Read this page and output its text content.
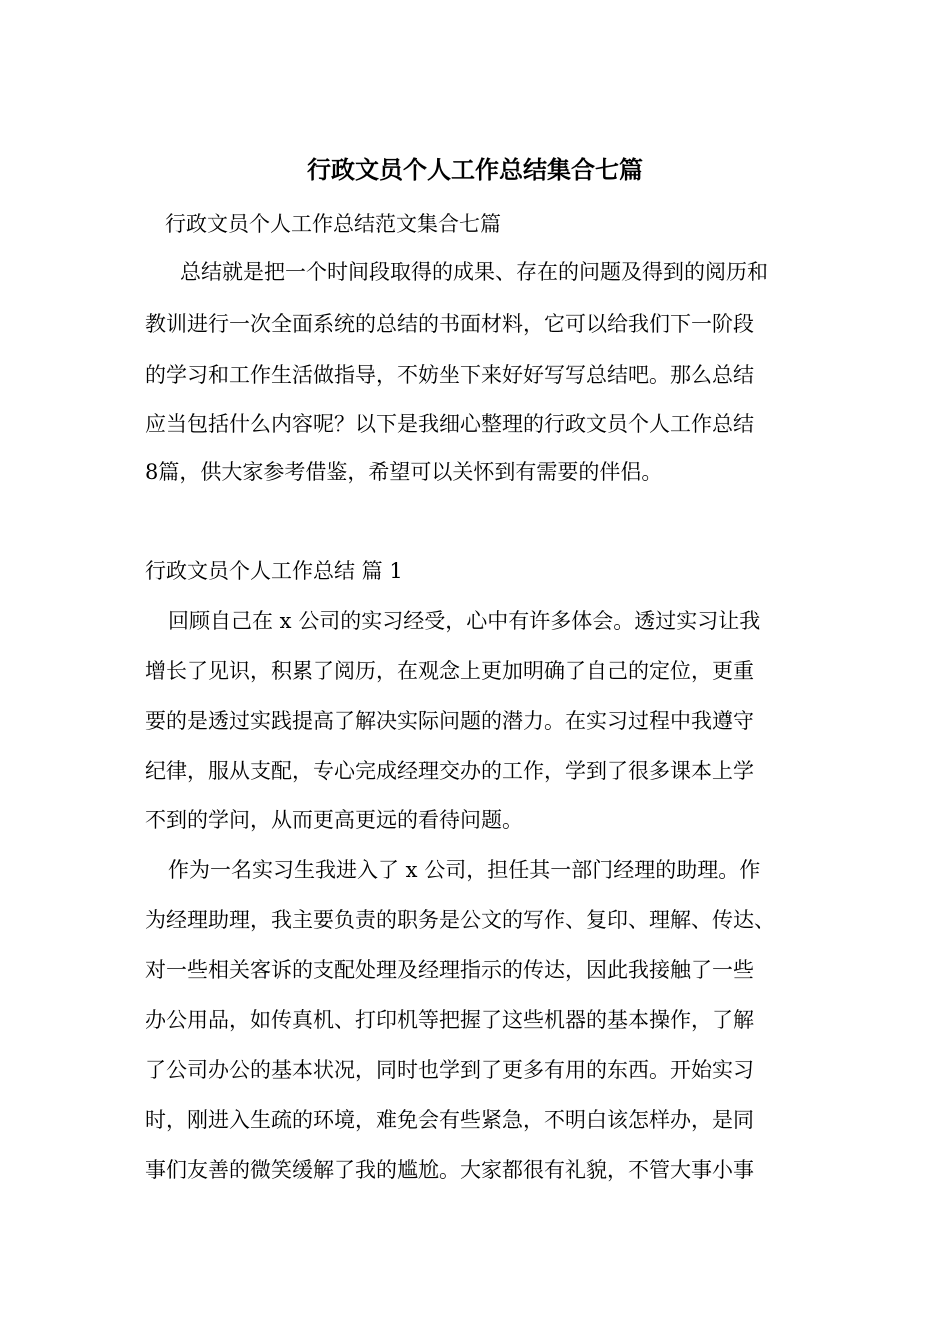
行政文员个人工作总结集合七篇
行政文员个人工作总结范文集合七篇
总结就是把一个时间段取得的成果、存在的问题及得到的阅历和
教训进行一次全面系统的总结的书面材料，它可以给我们下一阶段
的学习和工作生活做指导，不妨坐下来好好写写总结吧。那么总结
应当包括什么内容呢？以下是我细心整理的行政文员个人工作总结
8篇，供大家参考借鉴，希望可以关怀到有需要的伴侣。
行政文员个人工作总结 篇 1
回顾自己在 x 公司的实习经受，心中有许多体会。透过实习让我
增长了见识，积累了阅历，在观念上更加明确了自己的定位，更重
要的是透过实践提高了解决实际问题的潜力。在实习过程中我遵守
纪律，服从支配，专心完成经理交办的工作，学到了很多课本上学
不到的学问，从而更高更远的看待问题。
作为一名实习生我进入了 x 公司，担任其一部门经理的助理。作
为经理助理，我主要负责的职务是公文的写作、复印、理解、传达、
对一些相关客诉的支配处理及经理指示的传达，因此我接触了一些
办公用品，如传真机、打印机等把握了这些机器的基本操作，了解
了公司办公的基本状况，同时也学到了更多有用的东西。开始实习
时，刚进入生疏的环境，难免会有些紧急，不明白该怎样办，是同
事们友善的微笑缓解了我的尴尬。大家都很有礼貌，不管大事小事
